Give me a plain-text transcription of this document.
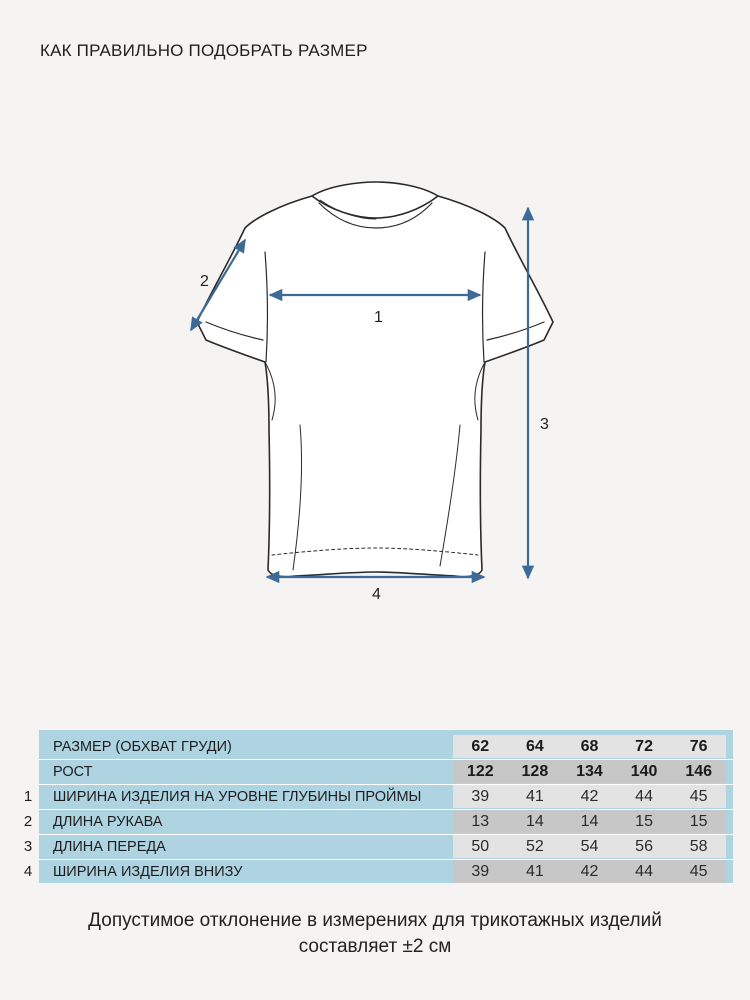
КАК ПРАВИЛЬНО ПОДОБРАТЬ РАЗМЕР
1
2
3
4
РАЗМЕР (ОБХВАТ ГРУДИ)	62	64	68	72	76
РОСТ	122	128	134	140	146
ШИРИНА ИЗДЕЛИЯ НА УРОВНЕ ГЛУБИНЫ ПРОЙМЫ	39	41	42	44	45
ДЛИНА РУКАВА	13	14	14	15	15
ДЛИНА ПЕРЕДА	50	52	54	56	58
ШИРИНА ИЗДЕЛИЯ ВНИЗУ	39	41	42	44	45
1
2
3
4
Допустимое отклонение в измерениях для трикотажных изделий
составляет ±2 см
